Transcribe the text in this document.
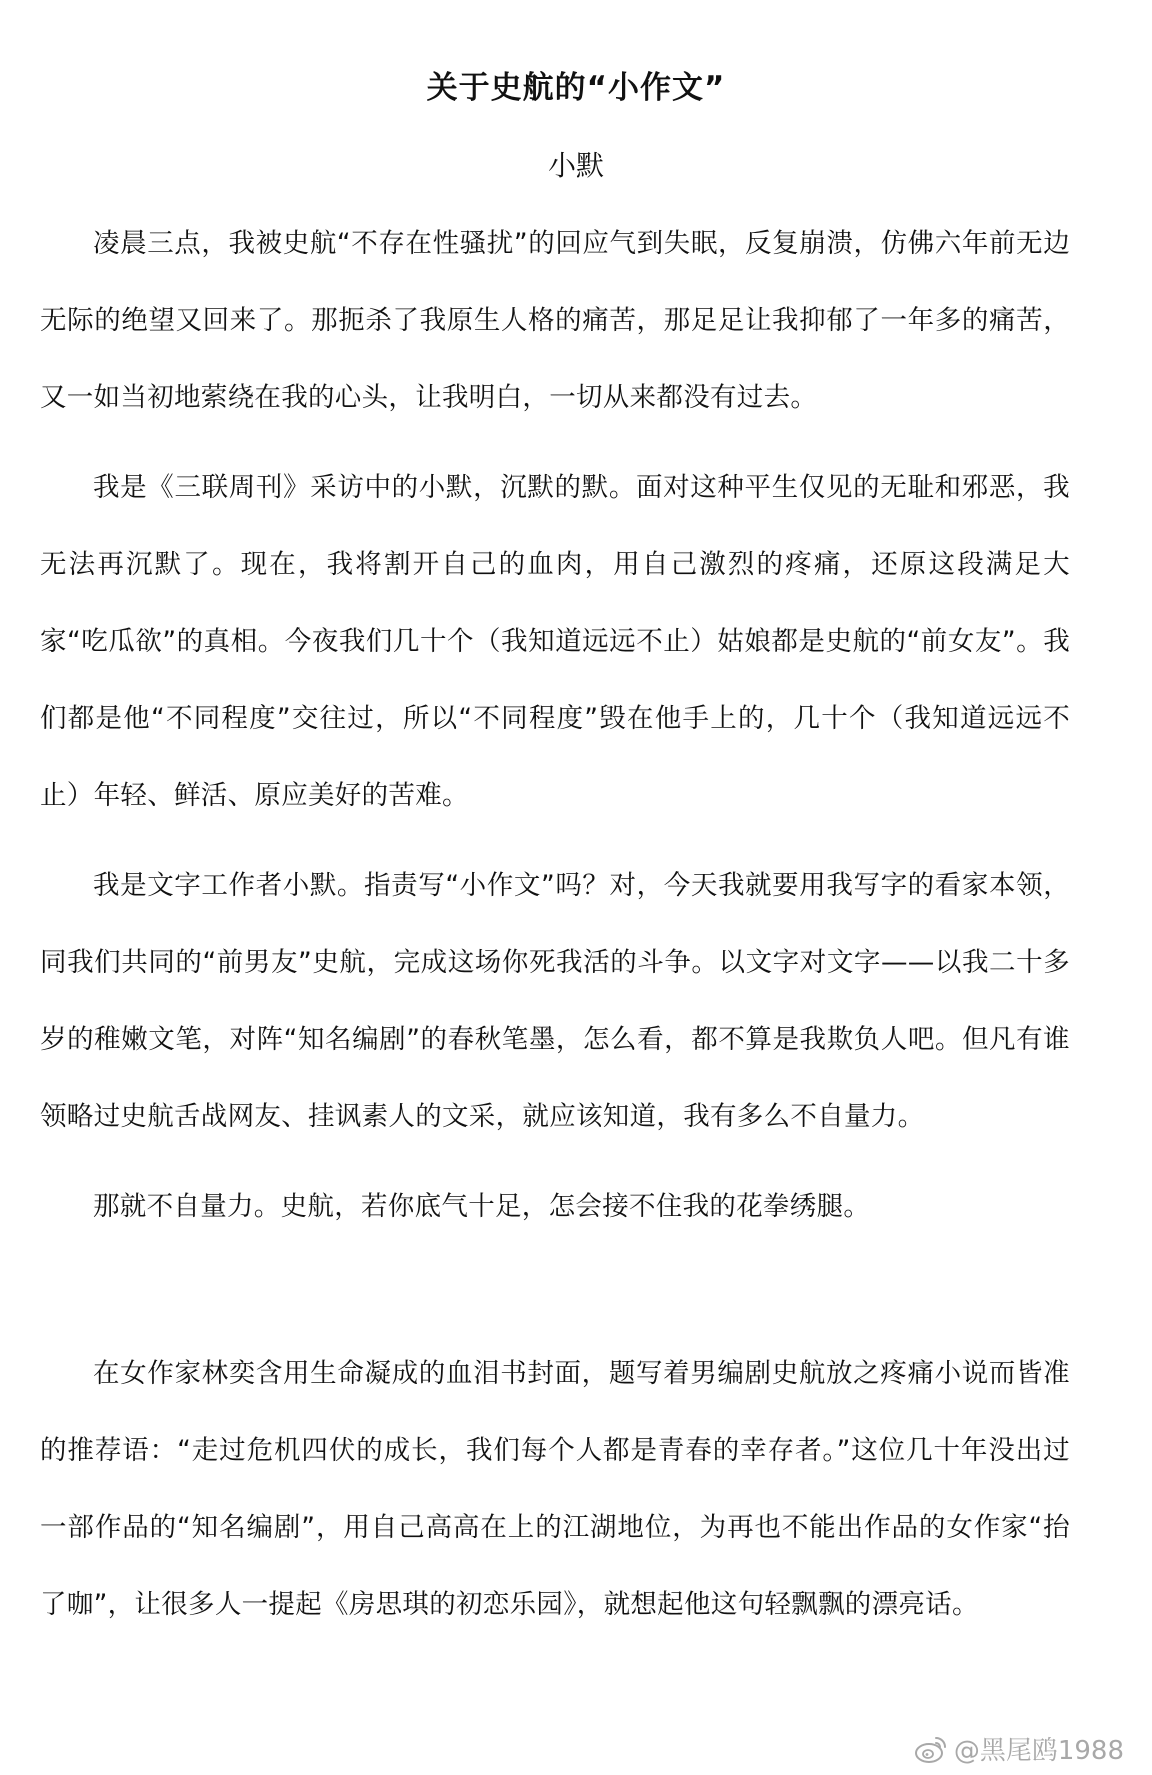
关于史航的“小作文”
小默

凌晨三点，我被史航“不存在性骚扰”的回应气到失眠，反复崩溃，仿佛六年前无边无际的绝望又回来了。那扼杀了我原生人格的痛苦，那足足让我抑郁了一年多的痛苦，又一如当初地萦绕在我的心头，让我明白，一切从来都没有过去。

我是《三联周刊》采访中的小默，沉默的默。面对这种平生仅见的无耻和邪恶，我无法再沉默了。现在，我将割开自己的血肉，用自己激烈的疼痛，还原这段满足大家“吃瓜欲”的真相。今夜我们几十个（我知道远远不止）姑娘都是史航的“前女友”。我们都是他“不同程度”交往过，所以“不同程度”毁在他手上的，几十个（我知道远远不止）年轻、鲜活、原应美好的苦难。

我是文字工作者小默。指责写“小作文”吗？对，今天我就要用我写字的看家本领，同我们共同的“前男友”史航，完成这场你死我活的斗争。以文字对文字——以我二十多岁的稚嫩文笔，对阵“知名编剧”的春秋笔墨，怎么看，都不算是我欺负人吧。但凡有谁领略过史航舌战网友、挂讽素人的文采，就应该知道，我有多么不自量力。

那就不自量力。史航，若你底气十足，怎会接不住我的花拳绣腿。

在女作家林奕含用生命凝成的血泪书封面，题写着男编剧史航放之疼痛小说而皆准的推荐语：“走过危机四伏的成长，我们每个人都是青春的幸存者。”这位几十年没出过一部作品的“知名编剧”，用自己高高在上的江湖地位，为再也不能出作品的女作家“抬了咖”，让很多人一提起《房思琪的初恋乐园》，就想起他这句轻飘飘的漂亮话。

@黑尾鸥1988
